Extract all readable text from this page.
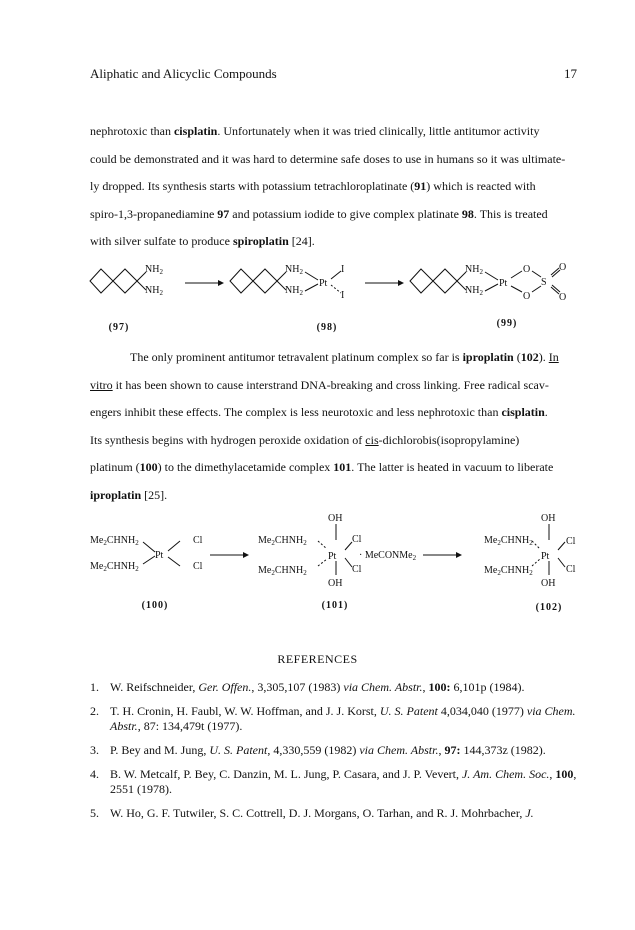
Aliphatic and Alicyclic Compounds	17

nephrotoxic than cisplatin. Unfortunately when it was tried clinically, little antitumor activity
could be demonstrated and it was hard to determine safe doses to use in humans so it was ultimate-
ly dropped. Its synthesis starts with potassium tetrachloroplatinate (91) which is reacted with
spiro-1,3-propanediamine 97 and potassium iodide to give complex platinate 98. This is treated
with silver sulfate to produce spiroplatin [24].

$NH_2$
$NH_2$
$NH_2$
$NH_2$
Pt
I
I
$NH_2$
$NH_2$
Pt
O
O
S
O
O
(97)	(98)	(99)

The only prominent antitumor tetravalent platinum complex so far is iproplatin (102). In
vitro it has been shown to cause interstrand DNA-breaking and cross linking. Free radical scav-
engers inhibit these effects. The complex is less neurotoxic and less nephrotoxic than cisplatin.
Its synthesis begins with hydrogen peroxide oxidation of cis-dichlorobis(isopropylamine)
platinum (100) to the dimethylacetamide complex 101. The latter is heated in vacuum to liberate
iproplatin [25].

$Me_2CHNH_2$
$Me_2CHNH_2$
Pt
Cl
Cl
OH
$Me_2CHNH_2$
$Me_2CHNH_2$
Pt
Cl
Cl
OH
· MeCONMe$_2$
OH
$Me_2CHNH_2$
$Me_2CHNH_2$
Pt
Cl
Cl
OH
(100)	(101)	(102)
REFERENCES
1. W. Reifschneider, Ger. Offen., 3,305,107 (1983) via Chem. Abstr., 100: 6,101p (1984).
2. T. H. Cronin, H. Faubl, W. W. Hoffman, and J. J. Korst, U. S. Patent 4,034,040 (1977) via Chem. Abstr., 87: 134,479t (1977).
3. P. Bey and M. Jung, U. S. Patent, 4,330,559 (1982) via Chem. Abstr., 97: 144,373z (1982).
4. B. W. Metcalf, P. Bey, C. Danzin, M. L. Jung, P. Casara, and J. P. Vevert, J. Am. Chem. Soc., 100, 2551 (1978).
5. W. Ho, G. F. Tutwiler, S. C. Cottrell, D. J. Morgans, O. Tarhan, and R. J. Mohrbacher, J.
